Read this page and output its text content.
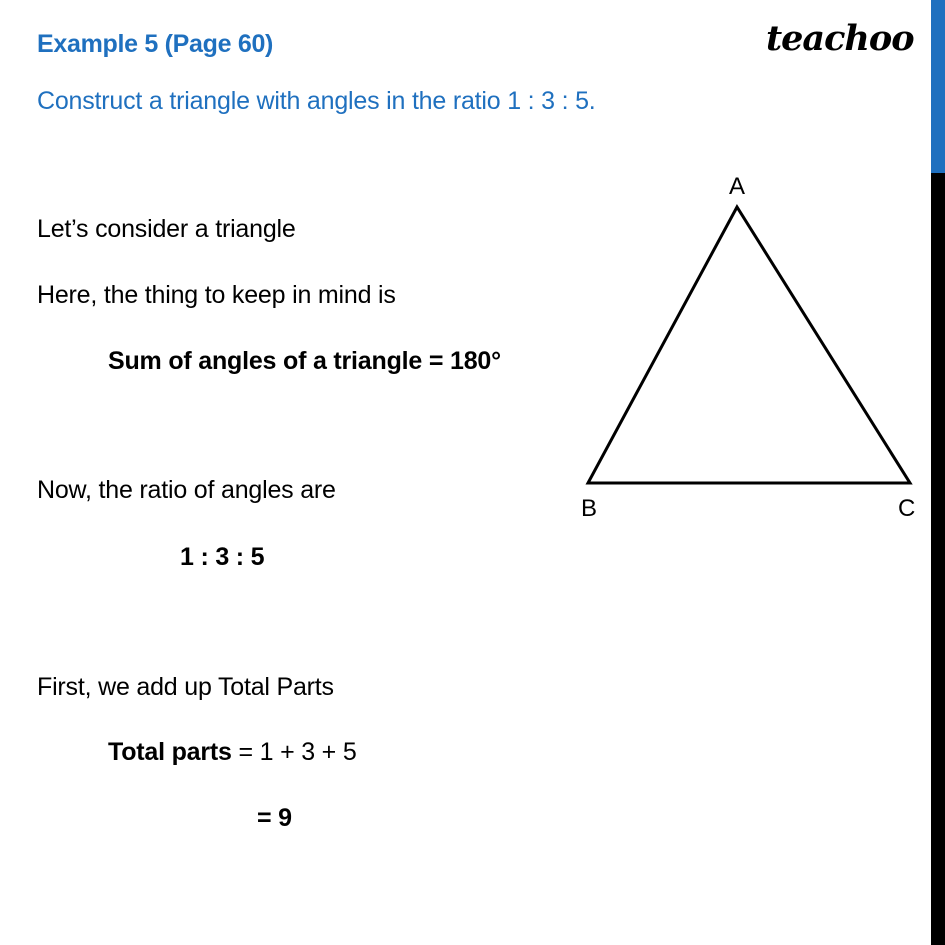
Example 5 (Page 60)
Construct a triangle with angles in the ratio 1 : 3 : 5.
teachoo
Let’s consider a triangle
Here, the thing to keep in mind is
Sum of angles of a triangle = 180°
Now, the ratio of angles are
1 : 3 : 5
First, we add up Total Parts
Total parts = 1 + 3 + 5
= 9
A
B	C
